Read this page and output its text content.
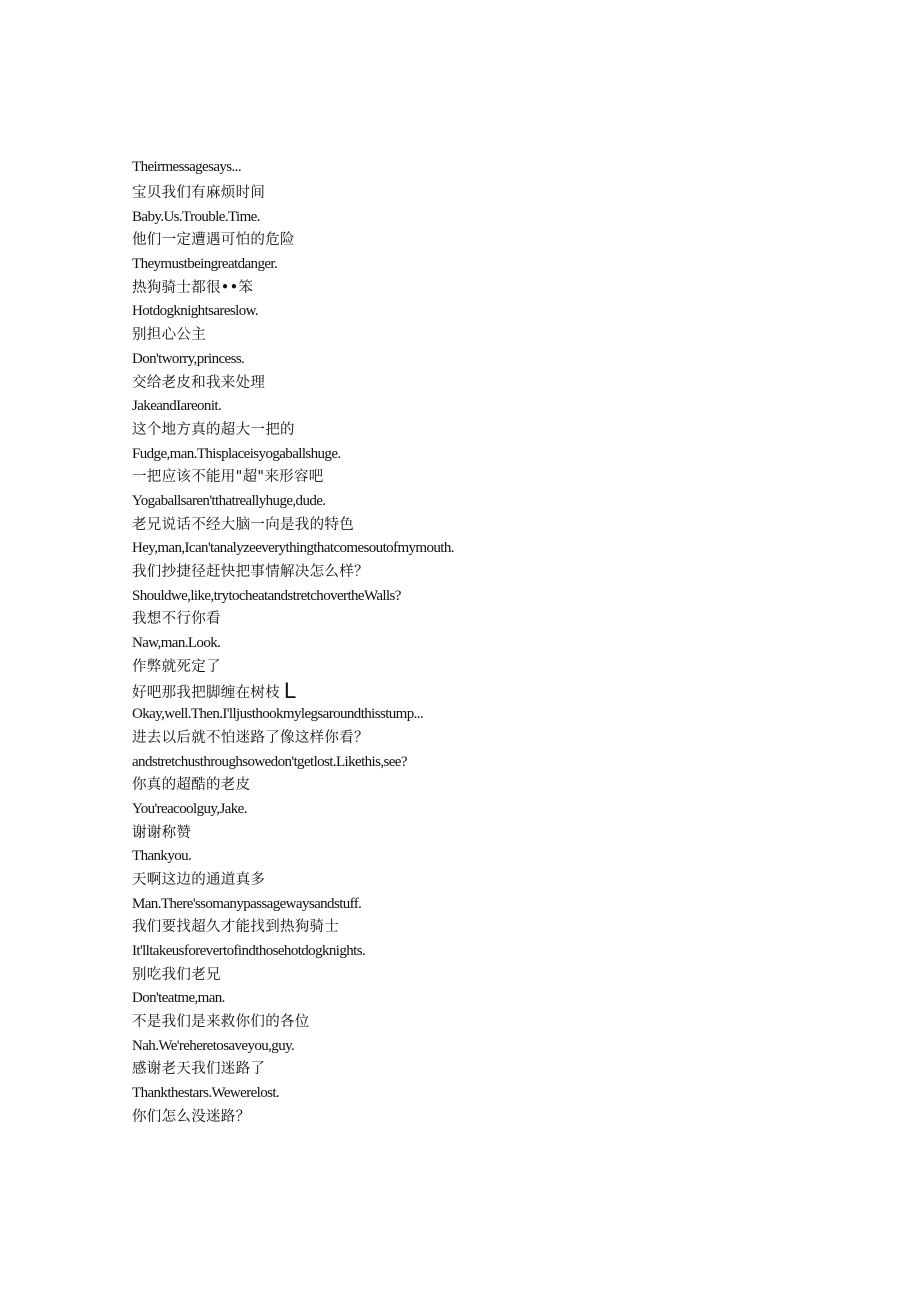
Theirmessagesays...
宝贝我们有麻烦时间
Baby.Us.Trouble.Time.
他们一定遭遇可怕的危险
Theymustbeingreatdanger.
热狗骑士都很••笨
Hotdogknightsareslow.
别担心公主
Don'tworry,princess.
交给老皮和我来处理
JakeandIareonit.
这个地方真的超大一把的
Fudge,man.Thisplaceisyogaballshuge.
一把应该不能用"超"来形容吧
Yogaballsaren'tthatreallyhuge,dude.
老兄说话不经大脑一向是我的特色
Hey,man,Ican'tanalyzeeverythingthatcomesoutofmymouth.
我们抄捷径赶快把事情解决怎么样？
Shouldwe,like,trytocheatandstretchovertheWalls?
我想不行你看
Naw,man.Look.
作弊就死定了
好吧那我把脚缠在树枝 L
Okay,well.Then.I'lljusthookmylegsaroundthisstump...
进去以后就不怕迷路了像这样你看？
andstretchusthroughsowedon'tgetlost.Likethis,see?
你真的超酷的老皮
You'reacoolguy,Jake.
谢谢称赞
Thankyou.
天啊这边的通道真多
Man.There'ssomanypassagewaysandstuff.
我们要找超久才能找到热狗骑士
It'lltakeusforevertofindthosehotdogknights.
别吃我们老兄
Don'teatme,man.
不是我们是来救你们的各位
Nah.We'reheretosaveyou,guy.
感谢老天我们迷路了
Thankthestars.Wewerelost.
你们怎么没迷路？
